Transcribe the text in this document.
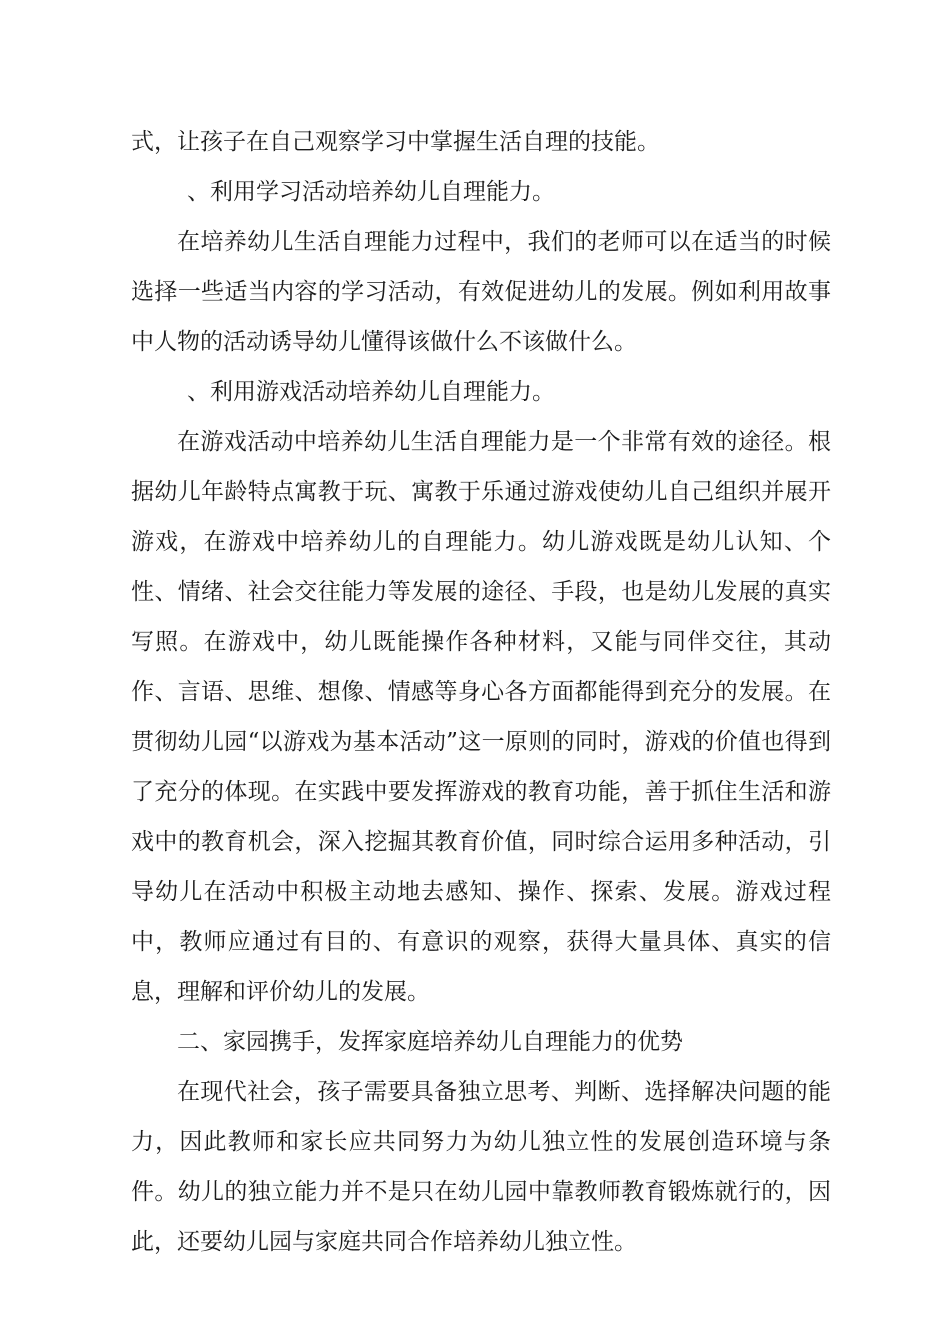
式，让孩子在自己观察学习中掌握生活自理的技能。

、利用学习活动培养幼儿自理能力。

在培养幼儿生活自理能力过程中，我们的老师可以在适当的时候选择一些适当内容的学习活动，有效促进幼儿的发展。例如利用故事中人物的活动诱导幼儿懂得该做什么不该做什么。

、利用游戏活动培养幼儿自理能力。

在游戏活动中培养幼儿生活自理能力是一个非常有效的途径。根据幼儿年龄特点寓教于玩、寓教于乐通过游戏使幼儿自己组织并展开游戏，在游戏中培养幼儿的自理能力。幼儿游戏既是幼儿认知、个性、情绪、社会交往能力等发展的途径、手段，也是幼儿发展的真实写照。在游戏中，幼儿既能操作各种材料，又能与同伴交往，其动作、言语、思维、想像、情感等身心各方面都能得到充分的发展。在贯彻幼儿园“以游戏为基本活动”这一原则的同时，游戏的价值也得到了充分的体现。在实践中要发挥游戏的教育功能，善于抓住生活和游戏中的教育机会，深入挖掘其教育价值，同时综合运用多种活动，引导幼儿在活动中积极主动地去感知、操作、探索、发展。游戏过程中，教师应通过有目的、有意识的观察，获得大量具体、真实的信息，理解和评价幼儿的发展。

二、家园携手，发挥家庭培养幼儿自理能力的优势

在现代社会，孩子需要具备独立思考、判断、选择解决问题的能力，因此教师和家长应共同努力为幼儿独立性的发展创造环境与条件。幼儿的独立能力并不是只在幼儿园中靠教师教育锻炼就行的，因此，还要幼儿园与家庭共同合作培养幼儿独立性。
